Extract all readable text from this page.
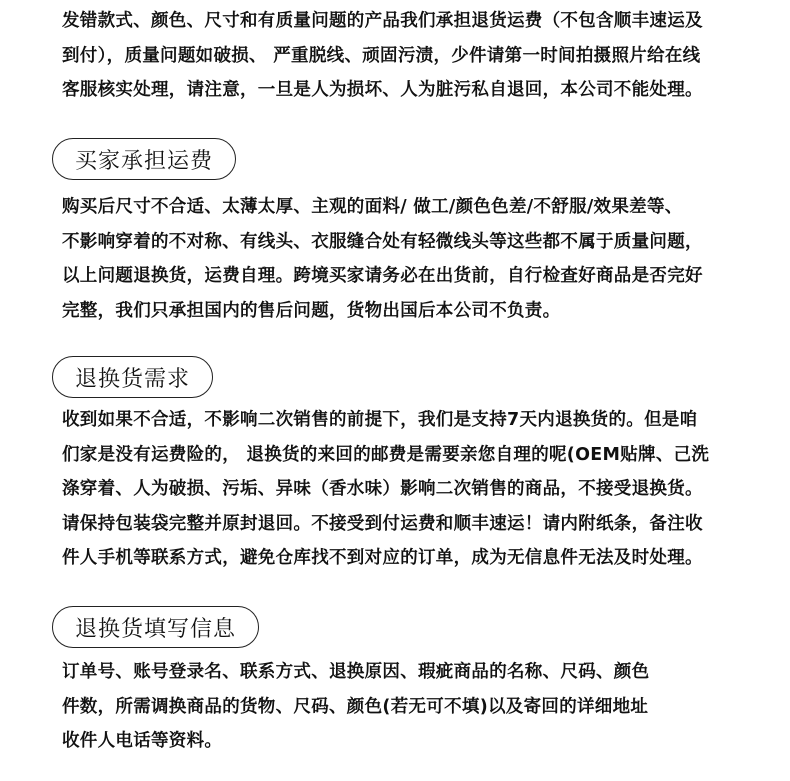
发错款式、颜色、尺寸和有质量问题的产品我们承担退货运费（不包含顺丰速运及
到付），质量问题如破损、 严重脱线、顽固污渍，少件请第一时间拍摄照片给在线
客服核实处理，请注意，一旦是人为损坏、人为脏污私自退回，本公司不能处理。

买家承担运费

购买后尺寸不合适、太薄太厚、主观的面料/ 做工/颜色色差/不舒服/效果差等、
不影响穿着的不对称、有线头、衣服缝合处有轻微线头等这些都不属于质量问题，
以上问题退换货，运费自理。跨境买家请务必在出货前，自行检查好商品是否完好
完整，我们只承担国内的售后问题，货物出国后本公司不负责。

退换货需求

收到如果不合适，不影响二次销售的前提下，我们是支持7天内退换货的。但是咱
们家是没有运费险的， 退换货的来回的邮费是需要亲您自理的呢(OEM贴牌、己洗
涤穿着、人为破损、污垢、异味（香水味）影响二次销售的商品，不接受退换货。
请保持包装袋完整并原封退回。不接受到付运费和顺丰速运！请内附纸条，备注收
件人手机等联系方式，避免仓库找不到对应的订单，成为无信息件无法及时处理。

退换货填写信息

订单号、账号登录名、联系方式、退换原因、瑕疵商品的名称、尺码、颜色
件数，所需调换商品的货物、尺码、颜色(若无可不填)以及寄回的详细地址
收件人电话等资料。
